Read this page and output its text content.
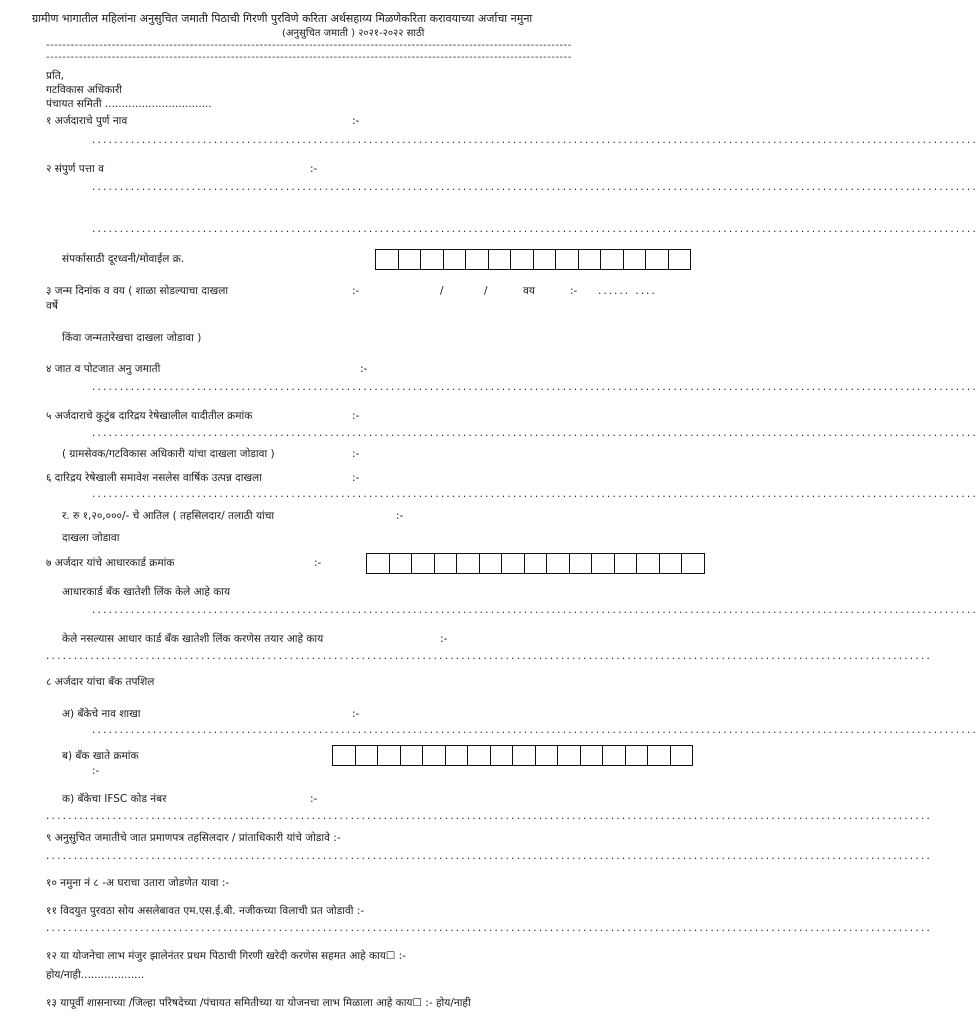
ग्रामीण भागातील महिलांना अनुसुचित जमाती पिठाची गिरणी पुरविणे करिता अर्थसहाय्य मिळणेकरिता करावयाच्या अर्जाचा नमुना
(अनुसुचित जमाती ) २०२१-२०२२ साठी
--------------------------------------------------------------------------------------------------------------------------------
--------------------------------------------------------------------------------------------------------------------------------
प्रति,
गटविकास अधिकारी
पंचायत समिती ................................
१ अर्जदाराचे पुर्ण नाव	:-
................................................................................................................................................................
२ संपुर्ण पत्ता व	:-
................................................................................................................................................................
................................................................................................................................................................
संपर्कासाठी दूरध्वनी/मोवाईल क्र.
३ जन्म दिनांक व वय ( शाळा सोडल्याचा दाखला	:-	/	/	वय	:- ...... ....
वर्षे
किंवा जन्मतारेखचा दाखला जोडावा )
४ जात व पोटजात अनु जमाती	:-
................................................................................................................................................................
५ अर्जदाराचे कुटुंब दारिद्रय रेषेखालील यादीतील क्रमांक	:-
................................................................................................................................................................
( ग्रामसेवक/गटविकास अधिकारी यांचा दाखला जोडावा )	:-
६ दारिद्रय रेषेखाली समावेश नसलेस वार्षिक उत्पन्न दाखला	:-
................................................................................................................................................................
र. रु १,२०,०००/- चे आतिल ( तहसिलदार/ तलाठी यांचा	:-
दाखला जोडावा
७ अर्जदार यांचे आधारकार्ड क्रमांक	:-
आधारकार्ड बँक खातेशी लिंक केले आहे काय
................................................................................................................................................................
केले नसल्यास आधार कार्ड बँक खातेशी लिंक करणेस तयार आहे काय	:-
................................................................................................................................................................
८ अर्जदार यांचा बँक तपशिल
अ) बँकेचे नाव शाखा	:-
................................................................................................................................................................
ब) बँक खाते क्रमांक
:-
क) बँकेचा IFSC कोड नंबर	:-
................................................................................................................................................................
९ अनुसुचित जमातीचे जात प्रमाणपत्र तहसिलदार / प्रांताधिकारी यांचे जोडावे :-
................................................................................................................................................................
१० नमुना नं ८ -अ घराचा उतारा जोडणेत यावा :-
११ विदयुत पुरवठा सोय असलेबावत एम.एस.ई.बी. नजीकच्या विलाची प्रत जोडावी :-
................................................................................................................................................................
१२ या योजनेचा लाभ मंजुर झालेनंतर प्रथम पिठाची गिरणी खरेदी करणेस सहमत आहे काय☐ :-
होय/नाही...................
१३ यापूर्वी शासनाच्या /जिल्हा परिषदेच्या /पंचायत समितीच्या या योजनचा लाभ मिळाला आहे काय☐ :- होय/नाही
